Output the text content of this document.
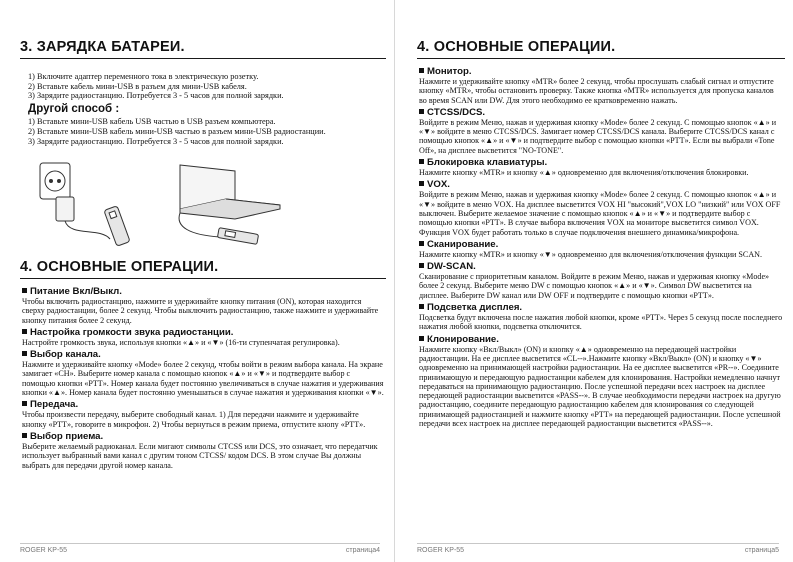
3. ЗАРЯДКА БАТАРЕИ.

1) Включите адаптер переменного тока в электрическую розетку.

2) Вставьте кабель мини-USB в разъем для мини-USB кабеля.

3) Зарядите радиостанцию. Потребуется 3 - 5 часов для полной зарядки.

Другой способ :

1) Вставьте мини-USB кабель USB частью в USB разъем компьютера.

2) Вставьте мини-USB кабель мини-USB частью в разъем мини-USB радиостанции.

3) Зарядите радиостанцию. Потребуется 3 - 5 часов для полной зарядки.

4. ОСНОВНЫЕ ОПЕРАЦИИ.

Питание Вкл/Выкл.

Чтобы включить радиостанцию, нажмите и удерживайте кнопку питания (ON), которая находится сверху радиостанции, более 2 секунд. Чтобы выключить радиостанцию, также нажмите и удерживайте кнопку питания более 2 секунд.

Настройка громкости звука радиостанции.

Настройте громкость звука, используя кнопки «▲» и «▼» (16-ти ступенчатая регулировка).

Выбор канала.

Нажмите и удерживайте кнопку «Mode» более 2 секунд, чтобы войти в режим выбора канала. На экране замигает «CH». Выберите номер канала с помощью кнопок «▲» и «▼» и подтвердите выбор с помощью кнопки «PTT». Номер канала будет постоянно увеличиваться в случае нажатия и удерживания кнопки «▲». Номер канала будет постоянно уменьшаться в случае нажатия и удерживания кнопки «▼».

Передача.

Чтобы произвести передачу, выберите свободный канал. 1) Для передачи нажмите и удерживайте кнопку «PTT», говорите в микрофон. 2) Чтобы вернуться в режим приема, отпустите кнопу «PTT».

Выбор приема.

Выберите желаемый радиоканал. Если мигают символы CTCSS или DCS, это означает, что передатчик использует выбранный вами канал с другим тоном CTCSS/ кодом DCS. В этом случае Вы должны выбрать для передачи другой номер канала.

ROGER KP-55	страница4
4. ОСНОВНЫЕ ОПЕРАЦИИ.

Монитор.

Нажмите и удерживайте кнопку «MTR» более 2 секунд, чтобы прослушать слабый сигнал и отпустите кнопку «MTR», чтобы остановить проверку. Также кнопка «MTR» используется для пропуска каналов во время SCAN или DW. Для этого необходимо ее кратковременно нажать.

CTCSS/DCS.

Войдите в режим Меню, нажав и удерживая кнопку «Mode» более 2 секунд. С помощью кнопок «▲» и «▼» войдите в меню CTCSS/DCS. Замигает номер CTCSS/DCS канала. Выберите CTCSS/DCS канал с помощью кнопок «▲» и «▼» и подтвердите выбор с помощью кнопки «PTT». Если вы выбрали «Tone Off», на дисплее высветится "NO-TONE".

Блокировка клавиатуры.

Нажмите кнопку «MTR» и кнопку «▲» одновременно для включения/отключения блокировки.

VOX.

Войдите в режим Меню, нажав и удерживая кнопку «Mode» более 2 секунд. С помощью кнопок «▲» и «▼» войдите в меню VOX. На дисплее высветится VOX HI "высокий",VOX LO "низкий" или VOX OFF выключен. Выберите желаемое значение с помощью кнопок «▲» и «▼» и подтвердите выбор с помощью кнопки «PTT». В случае выбора включения VOX на мониторе высветится символ VOX. Функция VOX будет работать только в случае подключения внешнего динамика/микрофона.

Сканирование.

Нажмите кнопку «MTR» и кнопку «▼» одновременно для включения/отключения функции SCAN.

DW-SCAN.

Сканирование с приоритетным каналом. Войдите в режим Меню, нажав и удерживая кнопку «Mode» более 2 секунд. Выберите меню DW с помощью кнопок «▲» и «▼». Символ DW высветится на дисплее. Выберите DW канал или DW OFF и подтвердите с помощью кнопки «PTT».

Подсветка дисплея.

Подсветка будут включена после нажатия любой кнопки, кроме «PTT». Через 5 секунд после последнего нажатия любой кнопки, подсветка отключится.

Клонирование.

Нажмите кнопку «Вкл/Выкл» (ON) и кнопку «▲» одновременно на передающей настройки радиостанции. На ее дисплее высветится «CL--».Нажмите кнопку «Вкл/Выкл» (ON) и кнопку «▼» одновременно на принимающей настройки радиостанции. На ее дисплее высветится «PR--». Соедините принимающую и передающую радиостанции кабелем для клонирования. Настройки немедленно начнут передаваться на принимающую радиостанцию. После успешной передачи всех настроек на дисплее передающей радиостанции высветится «PASS--». В случае необходимости передачи настроек на другую радиостанцию, соедините передающую радиостанцию кабелем для клонирования со следующей принимающей радиостанцией и нажмите кнопку «PTT» на передающей радиостанции. После успешной передачи всех настроек на дисплее передающей радиостанции высветится «PASS--».

ROGER KP-55	страница5
